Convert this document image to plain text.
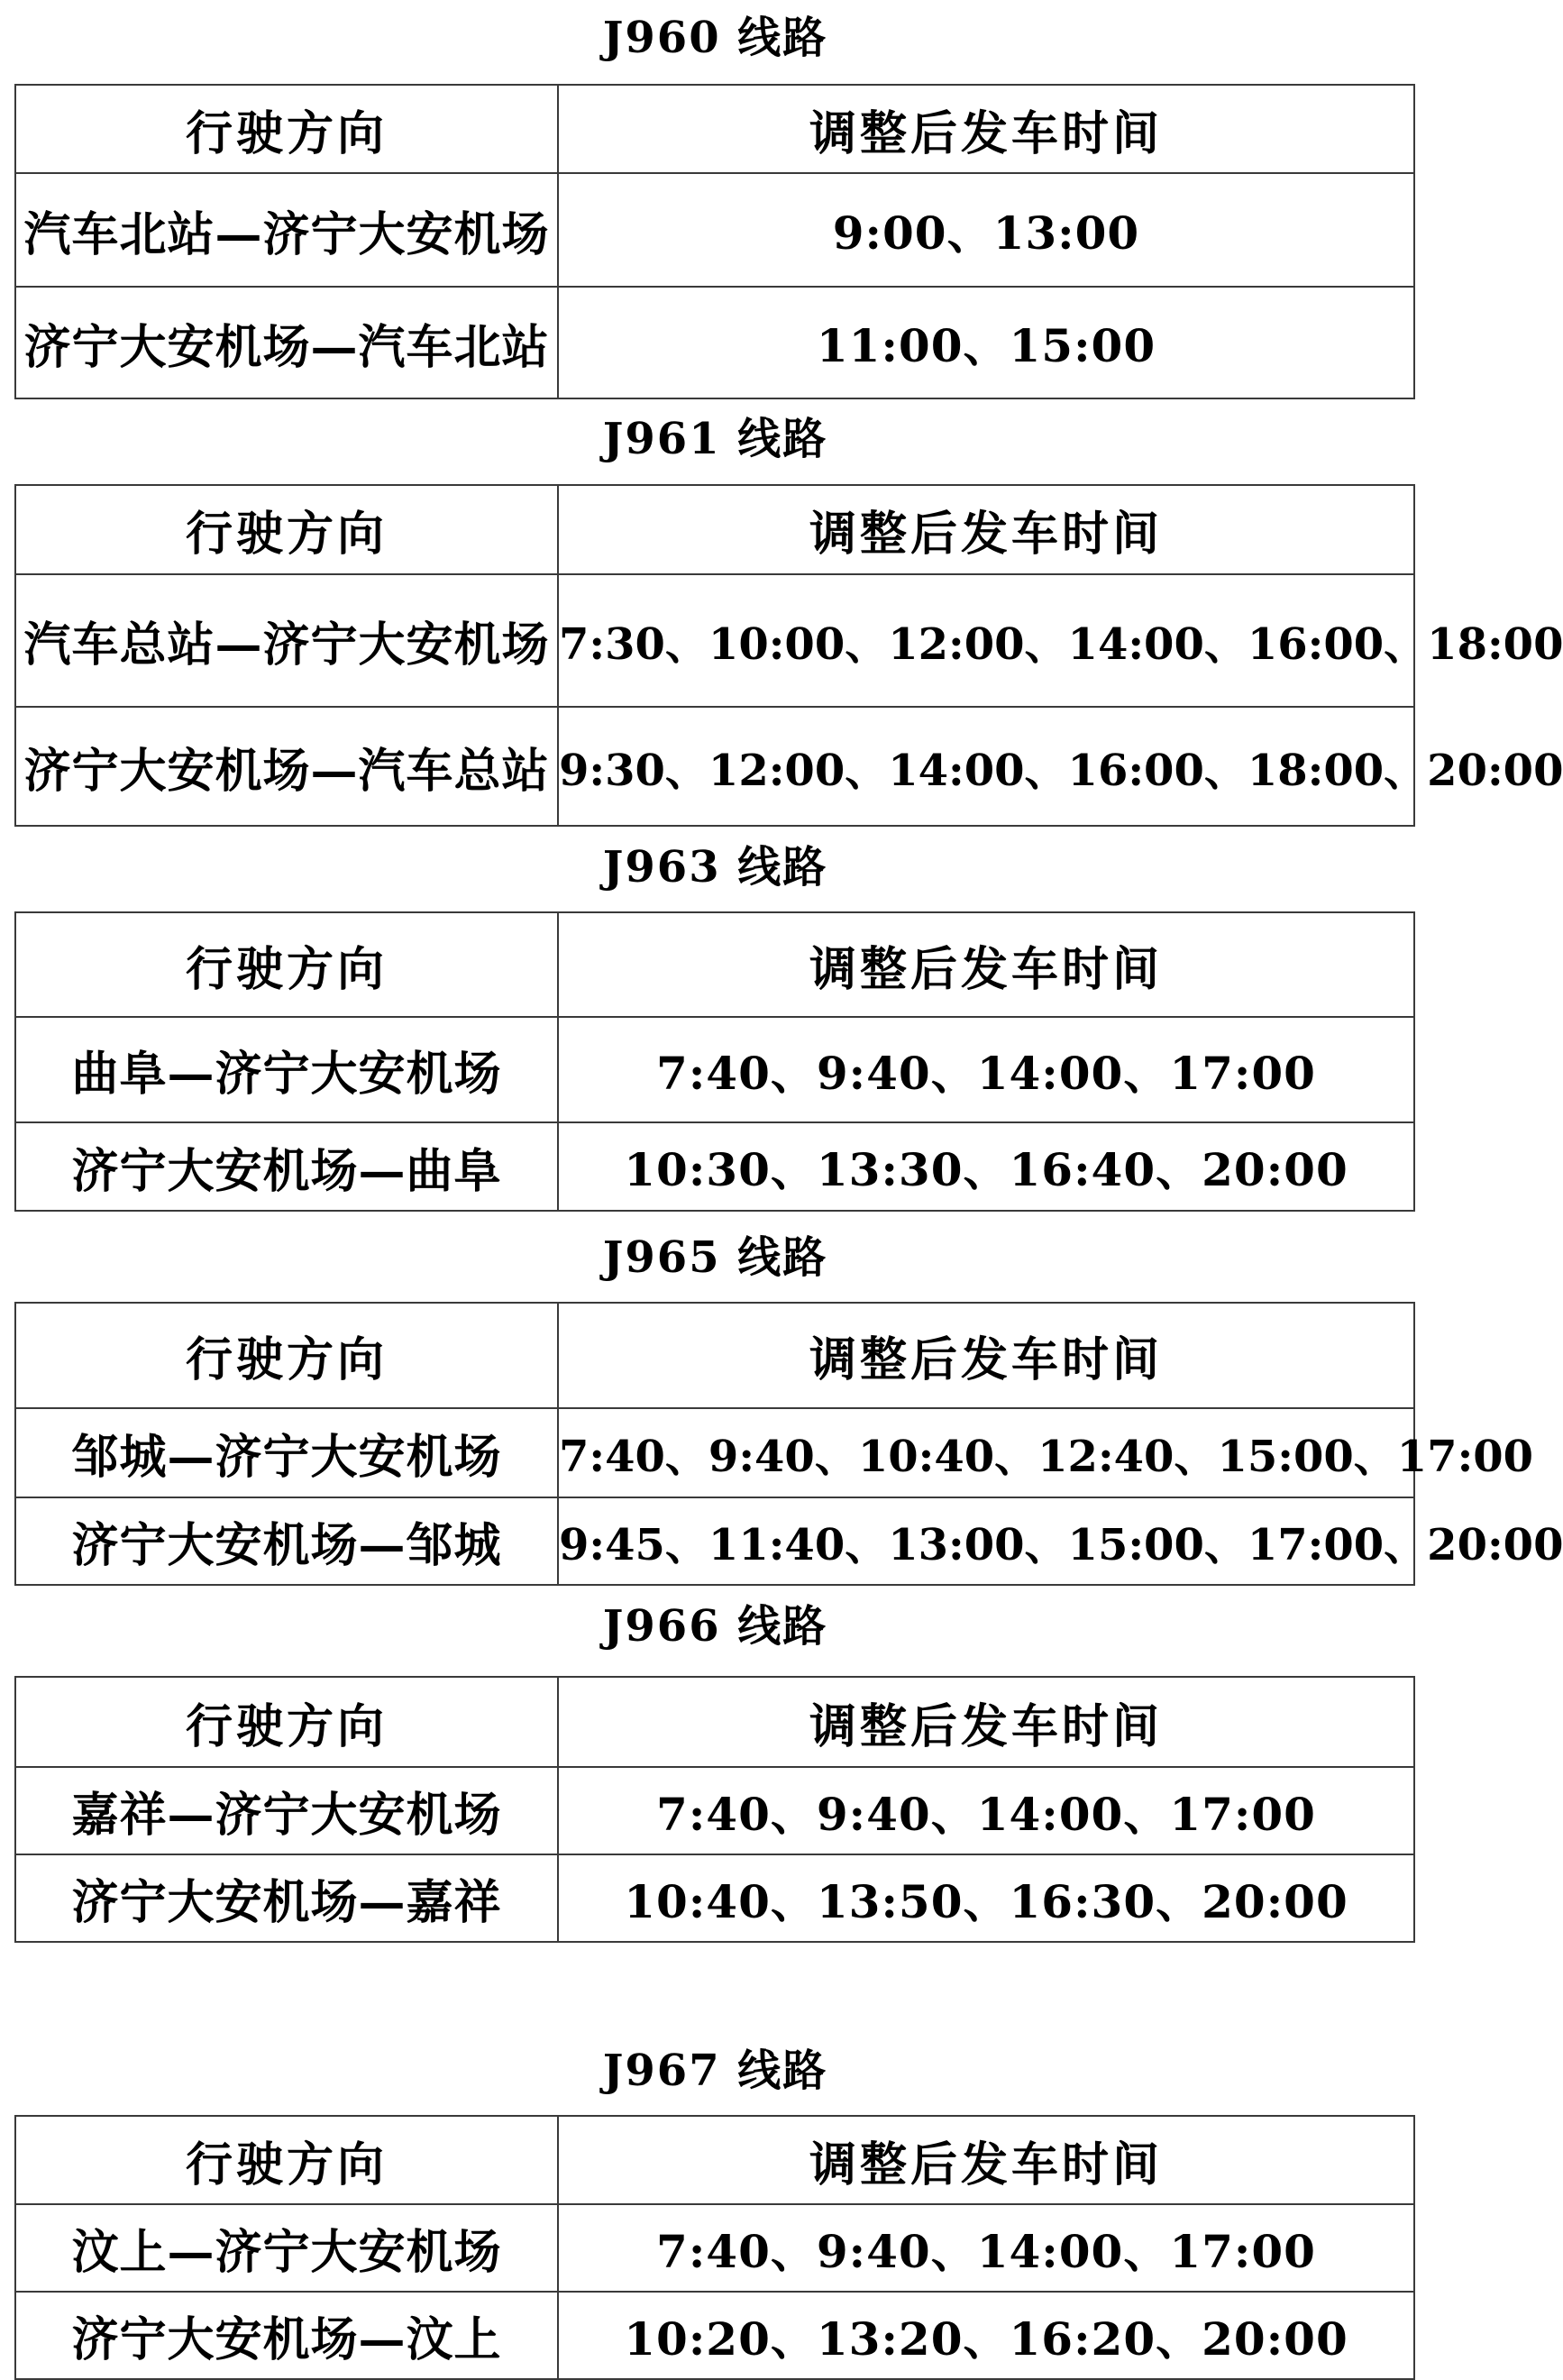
J960 线路
行驶方向	调整后发车时间
汽车北站—济宁大安机场	9:00、13:00
济宁大安机场—汽车北站	11:00、15:00
J961 线路
行驶方向	调整后发车时间
汽车总站—济宁大安机场	7:30、10:00、12:00、14:00、16:00、18:00
济宁大安机场—汽车总站	9:30、12:00、14:00、16:00、18:00、20:00
J963 线路
行驶方向	调整后发车时间
曲阜—济宁大安机场	7:40、9:40、14:00、17:00
济宁大安机场—曲阜	10:30、13:30、16:40、20:00
J965 线路
行驶方向	调整后发车时间
邹城—济宁大安机场	7:40、9:40、10:40、12:40、15:00、17:00
济宁大安机场—邹城	9:45、11:40、13:00、15:00、17:00、20:00
J966 线路
行驶方向	调整后发车时间
嘉祥—济宁大安机场	7:40、9:40、14:00、17:00
济宁大安机场—嘉祥	10:40、13:50、16:30、20:00
J967 线路
行驶方向	调整后发车时间
汶上—济宁大安机场	7:40、9:40、14:00、17:00
济宁大安机场—汶上	10:20、13:20、16:20、20:00
